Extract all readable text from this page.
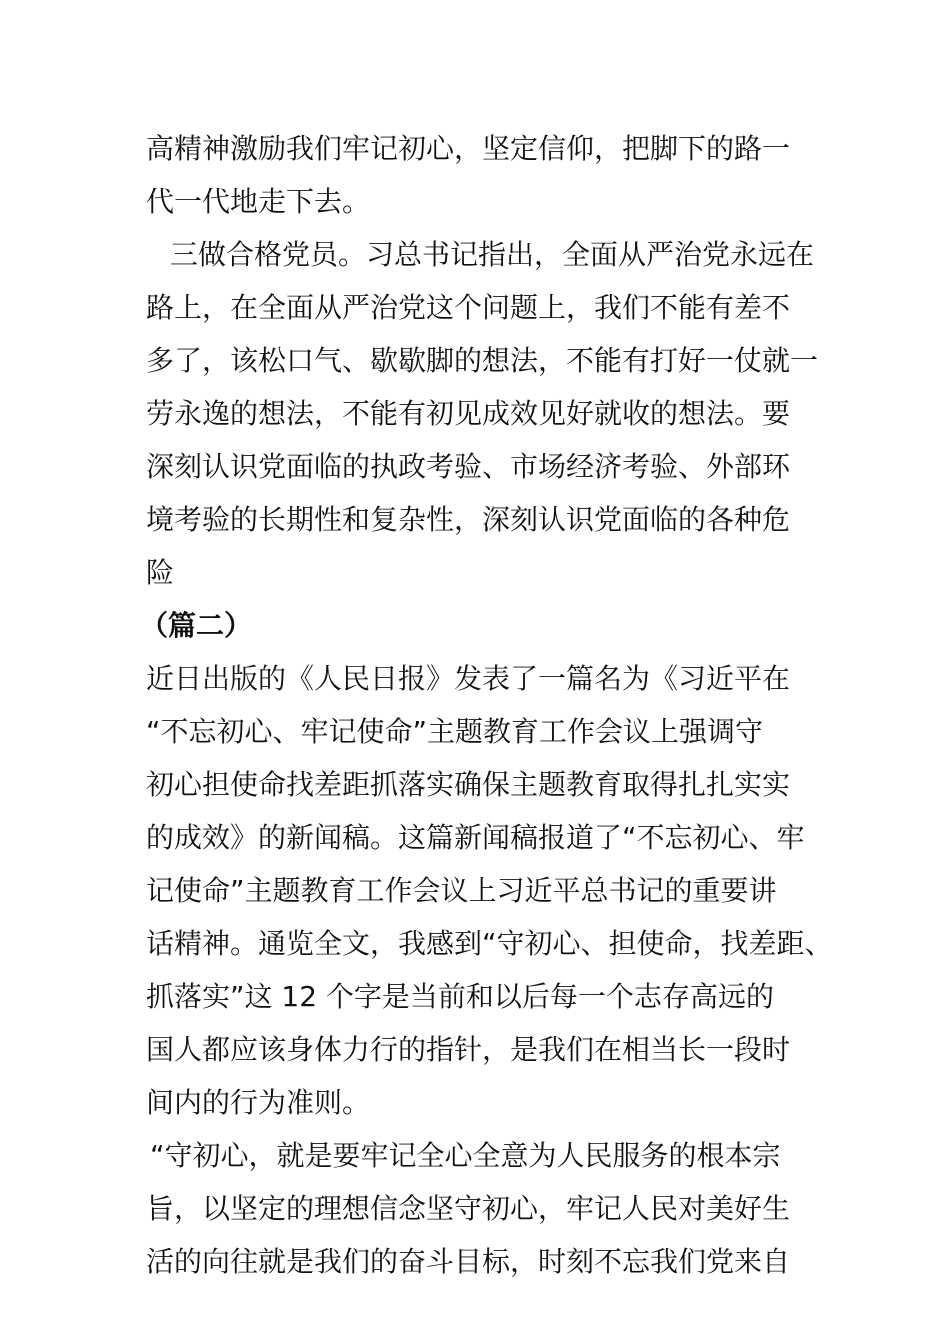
高精神激励我们牢记初心，坚定信仰，把脚下的路一
代一代地走下去。
三做合格党员。习总书记指出，全面从严治党永远在
路上，在全面从严治党这个问题上，我们不能有差不
多了，该松口气、歇歇脚的想法，不能有打好一仗就一
劳永逸的想法，不能有初见成效见好就收的想法。要
深刻认识党面临的执政考验、市场经济考验、外部环
境考验的长期性和复杂性，深刻认识党面临的各种危
险
（篇二）
近日出版的《人民日报》发表了一篇名为《习近平在
“不忘初心、牢记使命”主题教育工作会议上强调守
初心担使命找差距抓落实确保主题教育取得扎扎实实
的成效》的新闻稿。这篇新闻稿报道了“不忘初心、牢
记使命”主题教育工作会议上习近平总书记的重要讲
话精神。通览全文，我感到“守初心、担使命，找差距、
抓落实”这 12 个字是当前和以后每一个志存高远的
国人都应该身体力行的指针，是我们在相当长一段时
间内的行为准则。
“守初心，就是要牢记全心全意为人民服务的根本宗
旨，以坚定的理想信念坚守初心，牢记人民对美好生
活的向往就是我们的奋斗目标，时刻不忘我们党来自
